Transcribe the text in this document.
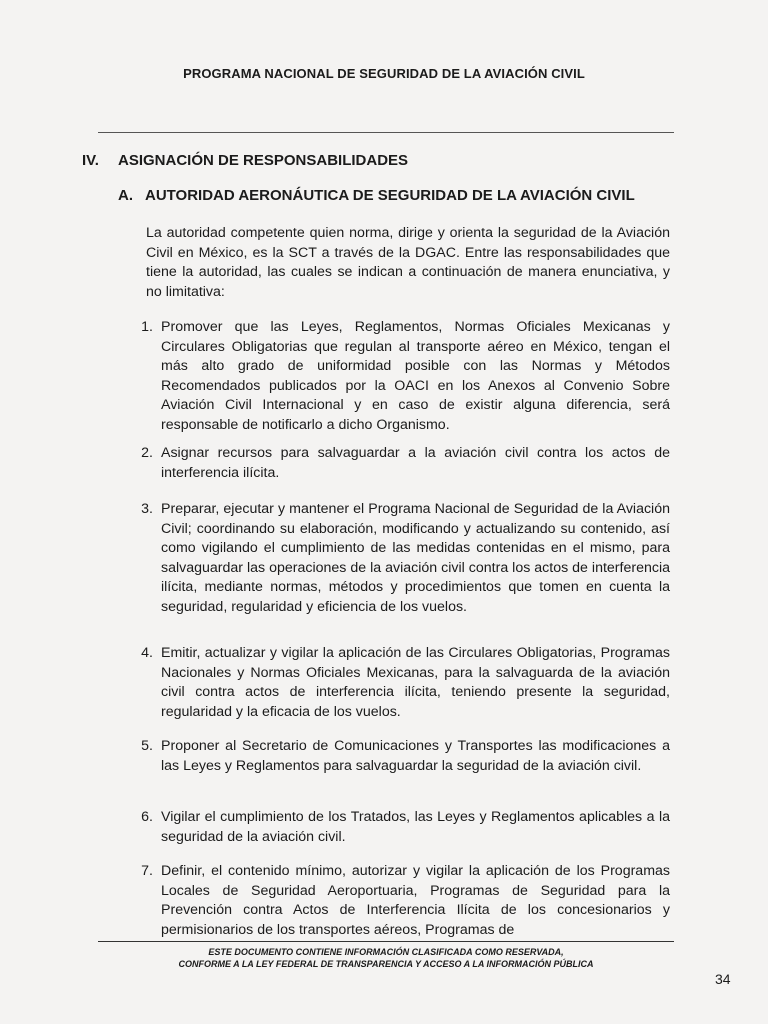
PROGRAMA NACIONAL DE SEGURIDAD DE LA AVIACIÓN CIVIL
IV. ASIGNACIÓN DE RESPONSABILIDADES
A. AUTORIDAD AERONÁUTICA DE SEGURIDAD DE LA AVIACIÓN CIVIL

La autoridad competente quien norma, dirige y orienta la seguridad de la Aviación Civil en México, es la SCT a través de la DGAC. Entre las responsabilidades que tiene la autoridad, las cuales se indican a continuación de manera enunciativa, y no limitativa:

1. Promover que las Leyes, Reglamentos, Normas Oficiales Mexicanas y Circulares Obligatorias que regulan al transporte aéreo en México, tengan el más alto grado de uniformidad posible con las Normas y Métodos Recomendados publicados por la OACI en los Anexos al Convenio Sobre Aviación Civil Internacional y en caso de existir alguna diferencia, será responsable de notificarlo a dicho Organismo.

2. Asignar recursos para salvaguardar a la aviación civil contra los actos de interferencia ilícita.

3. Preparar, ejecutar y mantener el Programa Nacional de Seguridad de la Aviación Civil; coordinando su elaboración, modificando y actualizando su contenido, así como vigilando el cumplimiento de las medidas contenidas en el mismo, para salvaguardar las operaciones de la aviación civil contra los actos de interferencia ilícita, mediante normas, métodos y procedimientos que tomen en cuenta la seguridad, regularidad y eficiencia de los vuelos.

4. Emitir, actualizar y vigilar la aplicación de las Circulares Obligatorias, Programas Nacionales y Normas Oficiales Mexicanas, para la salvaguarda de la aviación civil contra actos de interferencia ilícita, teniendo presente la seguridad, regularidad y la eficacia de los vuelos.

5. Proponer al Secretario de Comunicaciones y Transportes las modificaciones a las Leyes y Reglamentos para salvaguardar la seguridad de la aviación civil.

6. Vigilar el cumplimiento de los Tratados, las Leyes y Reglamentos aplicables a la seguridad de la aviación civil.

7. Definir, el contenido mínimo, autorizar y vigilar la aplicación de los Programas Locales de Seguridad Aeroportuaria, Programas de Seguridad para la Prevención contra Actos de Interferencia Ilícita de los concesionarios y permisionarios de los transportes aéreos, Programas de

ESTE DOCUMENTO CONTIENE INFORMACIÓN CLASIFICADA COMO RESERVADA,
CONFORME A LA LEY FEDERAL DE TRANSPARENCIA Y ACCESO A LA INFORMACIÓN PÚBLICA
34
